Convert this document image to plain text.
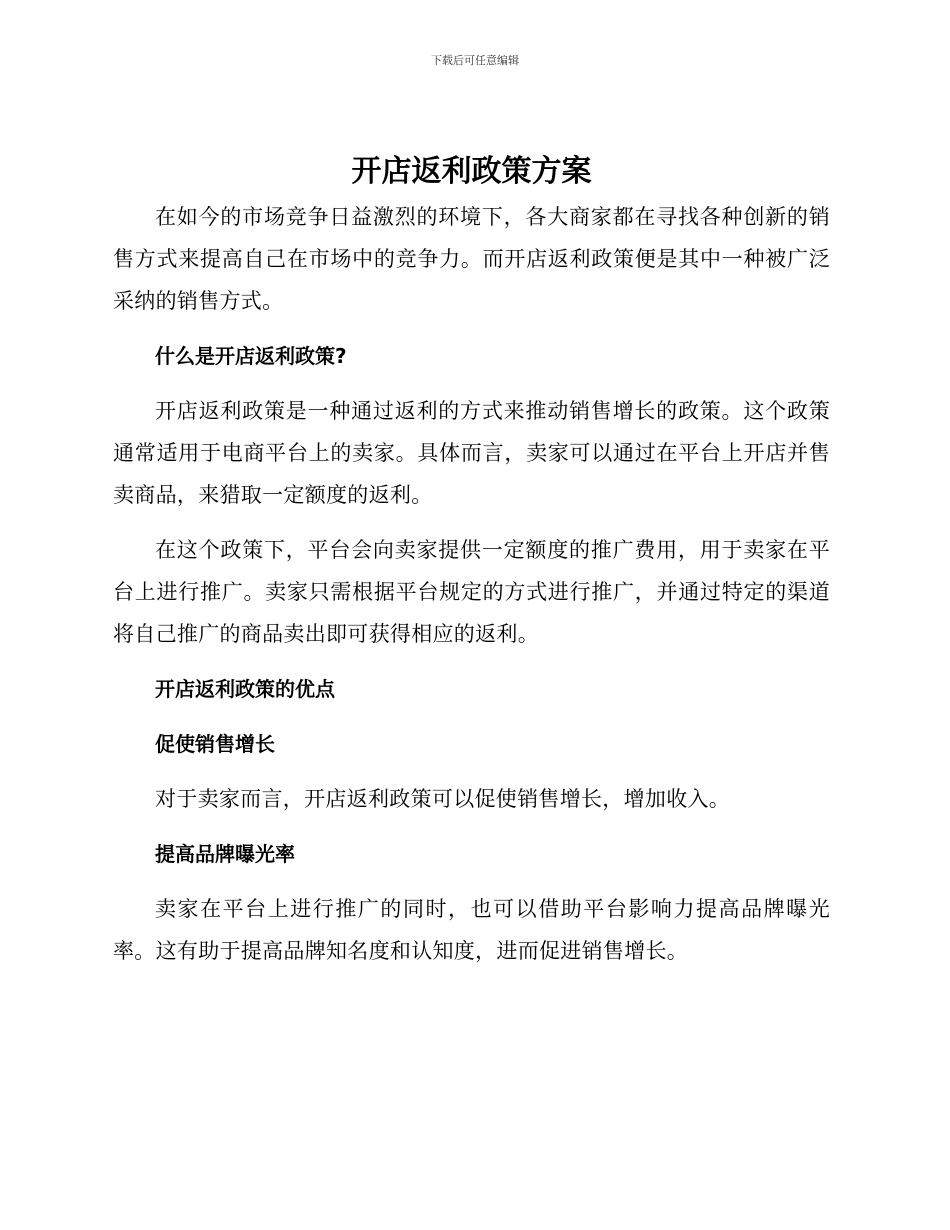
下载后可任意编辑
开店返利政策方案

在如今的市场竞争日益激烈的环境下，各大商家都在寻找各种创新的销售方式来提高自己在市场中的竞争力。而开店返利政策便是其中一种被广泛采纳的销售方式。

什么是开店返利政策?

开店返利政策是一种通过返利的方式来推动销售增长的政策。这个政策通常适用于电商平台上的卖家。具体而言，卖家可以通过在平台上开店并售卖商品，来猎取一定额度的返利。

在这个政策下，平台会向卖家提供一定额度的推广费用，用于卖家在平台上进行推广。卖家只需根据平台规定的方式进行推广，并通过特定的渠道将自己推广的商品卖出即可获得相应的返利。

开店返利政策的优点
促使销售增长

对于卖家而言，开店返利政策可以促使销售增长，增加收入。

提高品牌曝光率

卖家在平台上进行推广的同时，也可以借助平台影响力提高品牌曝光率。这有助于提高品牌知名度和认知度，进而促进销售增长。
